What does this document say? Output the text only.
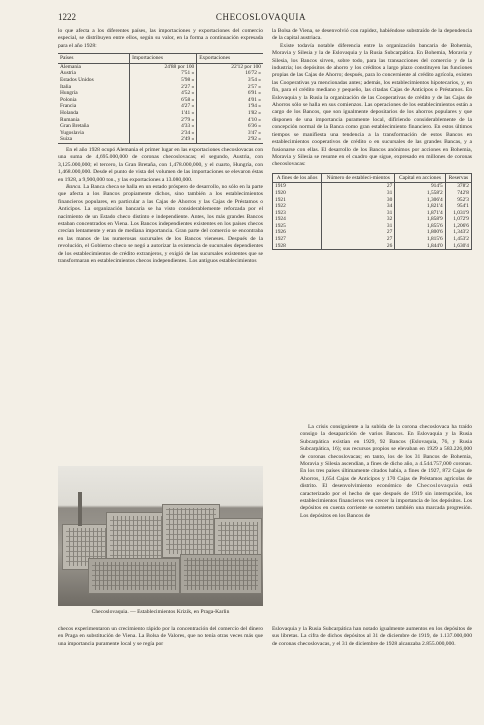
1222	CHECOSLOVAQUIA

lo que afecta a los diferentes países, las importaciones y exportaciones del comercio especial, se distribuyen entre ellos, según su valor, en la forma a continuación expresada para el año 1928:

Países	Importaciones	Exportaciones
Alemania	24'88 por 100	22'12 por 100
Austria	7'51 »	16'72 »
Estados Unidos	5'98 »	3'54 »
Italia	2'27 »	2'57 »
Hungría	4'52 »	6'91 »
Polonia	6'58 »	4'01 »
Francia	4'27 »	1'94 »
Holanda	1'41 »	1'82 »
Rumania	2'79 »	4'10 »
Gran Bretaña	4'33 »	6'36 »
Yugoslavia	2'34 »	3'47 »
Suiza	2'49 »	2'92 »

En el año 1928 ocupó Alemania el primer lugar en las exportaciones checoslovacas con una suma de 4,695.000,000 de coronas checoslovacas; el segundo, Austria, con 3,125.000,000; el tercero, la Gran Bretaña, con 1,478.000,000, y el cuarto, Hungría, con 1,468.000,000. Desde el punto de vista del volumen de las importaciones se elevaron éstas en 1928, a 9,900,000 ton., y las exportaciones a 13.080,000.

Banca. La Banca checa se halla en un estado próspero de desarrollo, no sólo en la parte que afecta a los Bancos propiamente dichos, sino también a los establecimientos financieros populares, en particular a las Cajas de Ahorros y las Cajas de Préstamos o Anticipos. La organización bancaria se ha visto considerablemente reforzada por el nacimiento de un Estado checo distinto e independiente. Antes, los más grandes Bancos estaban concentrados en Viena. Los Bancos independientes existentes en los países checos crecían lentamente y eran de mediana importancia. Gran parte del comercio se encontraba en las manos de las numerosas sucursales de los Bancos vieneses. Después de la revolución, el Gobierno checo se negó a autorizar la existencia de sucursales dependientes de los establecimientos de crédito extranjeros, y exigió de las sucursales existentes que se transformaran en establecimientos checos independientes. Los antiguos establecimientos

Checoslovaquia. — Establecimientos Krizik, en Praga-Karlin

checos experimentaron un crecimiento rápido por la concentración del comercio del dinero en Praga en substitución de Viena. La Bolsa de Valores, que no tenía otras veces más que una importancia puramente local y se regía por

la Bolsa de Viena, se desenvolvió con rapidez, habiéndose substraído de la dependencia de la capital austriaca.

Existe todavía notable diferencia entre la organización bancaria de Bohemia, Moravia y Silesia y la de Eslovaquia y la Rusia Subcarpática. En Bohemia, Moravia y Silesia, los Bancos sirven, sobre todo, para las transacciones del comercio y de la industria; los depósitos de ahorro y los créditos a largo plazo constituyen las funciones propias de las Cajas de Ahorro; después, para lo concerniente al crédito agrícola, existen las Cooperativas ya mencionadas antes; además, los establecimientos hipotecarios, y, en fin, para el crédito mediano y pequeño, las citadas Cajas de Anticipos o Préstamos. En Eslovaquia y la Rusia la organización de las Cooperativas de crédito y de las Cajas de Ahorros sólo se halla en sus comienzos. Las operaciones de los establecimientos están a cargo de los Bancos, que son igualmente depositarios de los ahorros populares y que disponen de una importancia puramente local, difiriendo considerablemente de la concepción normal de la Banca como gran establecimiento financiero. En estos últimos tiempos se manifiesta una tendencia a la transformación de estos Bancos en establecimientos cooperativos de crédito o en sucursales de las grandes Bancas, y a fusionarse con ellas. El desarrollo de los Bancos anónimos por acciones en Bohemia, Moravia y Silesia se resume en el cuadro que sigue, expresado en millones de coronas checoslovacas:

A fines de los años	Número de estableci-mientos	Capital en acciones	Reservas
1919	27	914'5	378'2
1920	31	1,558'2	742'8
1921	30	1,306'4	952'3
1922	34	1,821'4	954'1
1923	31	1,871'4	1,031'9
1924	32	1,858'9	1,072'9
1925	31	1,855'6	1,206'6
1926	27	1,800'6	1,343'2
1927	27	1,815'6	1,453'2
1928	26	1,844'0	1,630'4

La crisis consiguiente a la subida de la corona checoslovaca ha traído consigo la desaparición de varios Bancos. En Eslovaquia y la Rusia Subcarpática existían en 1929, 92 Bancos (Eslovaquia, 76, y Rusia Subcarpática, 16); sus recursos propios se elevaban en 1929 a 583.226,000 de coronas checoslovacas; en tanto, los de los 31 Bancos de Bohemia, Moravia y Silesia ascendían, a fines de dicho año, a 4.544.757,000 coronas. En los tres países últimamente citados había, a fines de 1927, 872 Cajas de Ahorros, 1,654 Cajas de Anticipos y 170 Cajas de Préstamos agrícolas de distrito. El desenvolvimiento económico de Checoslovaquia está caracterizado por el hecho de que después de 1919 sin interrupción, los establecimientos financieros ven crecer la importancia de los depósitos. Los depósitos en cuenta corriente se someten también una marcada progresión. Los depósitos en los Bancos de

Eslovaquia y la Rusia Subcarpática han notado igualmente aumentos en los depósitos de sus libretas. La cifra de dichos depósitos al 31 de diciembre de 1919, de 1.137.000,000 de coronas checoslovacas, y el 31 de diciembre de 1928 alcanzaba 2.855.000,000.
